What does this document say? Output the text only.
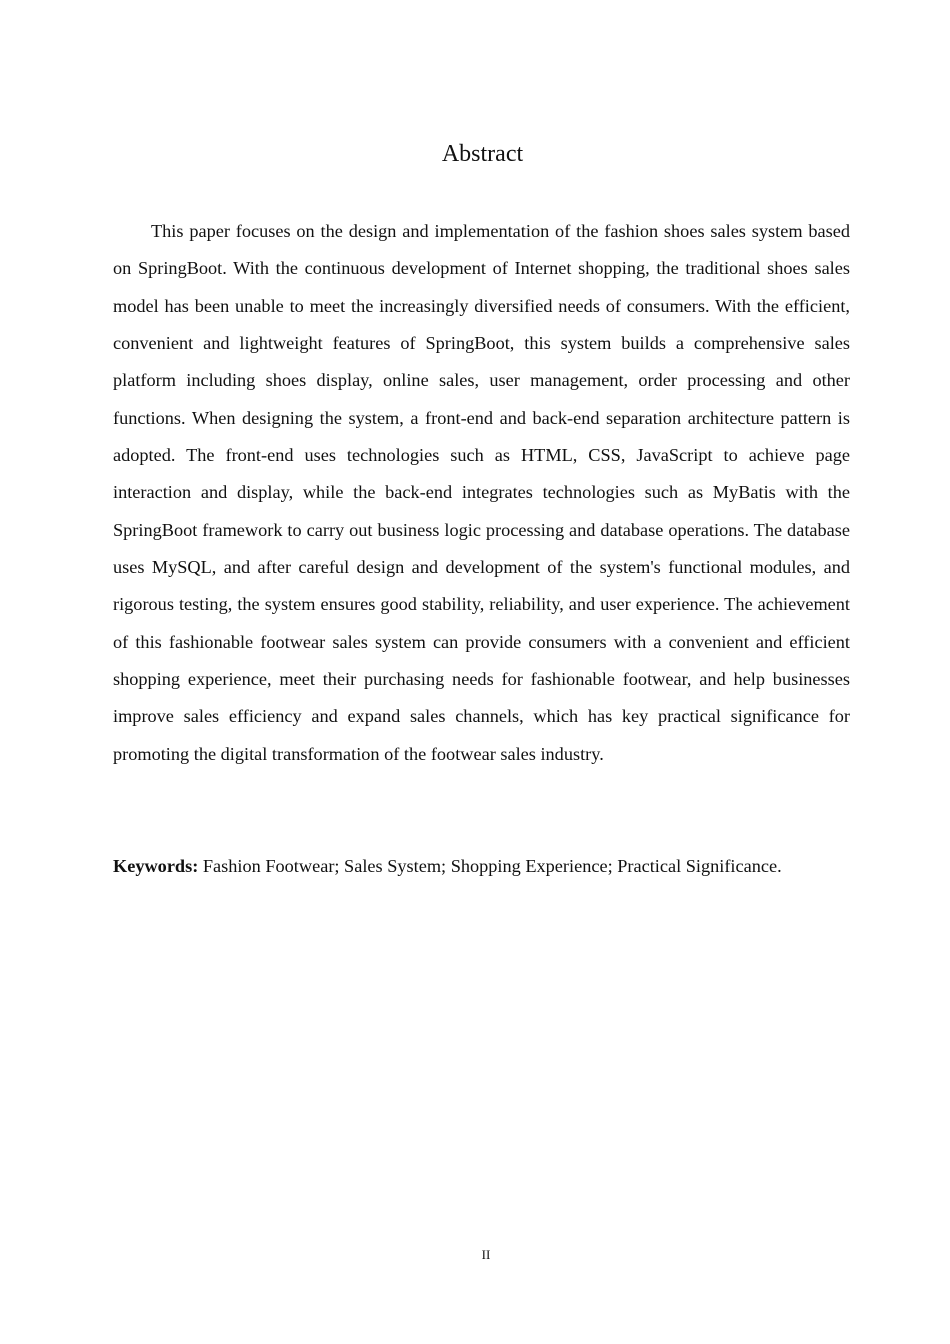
Abstract

This paper focuses on the design and implementation of the fashion shoes sales system based on SpringBoot. With the continuous development of Internet shopping, the traditional shoes sales model has been unable to meet the increasingly diversified needs of consumers. With the efficient, convenient and lightweight features of SpringBoot, this system builds a comprehensive sales platform including shoes display, online sales, user management, order processing and other functions. When designing the system, a front-end and back-end separation architecture pattern is adopted. The front-end uses technologies such as HTML, CSS, JavaScript to achieve page interaction and display, while the back-end integrates technologies such as MyBatis with the SpringBoot framework to carry out business logic processing and database operations. The database uses MySQL, and after careful design and development of the system's functional modules, and rigorous testing, the system ensures good stability, reliability, and user experience. The achievement of this fashionable footwear sales system can provide consumers with a convenient and efficient shopping experience, meet their purchasing needs for fashionable footwear, and help businesses improve sales efficiency and expand sales channels, which has key practical significance for promoting the digital transformation of the footwear sales industry.

Keywords: Fashion Footwear; Sales System; Shopping Experience; Practical Significance.

II
